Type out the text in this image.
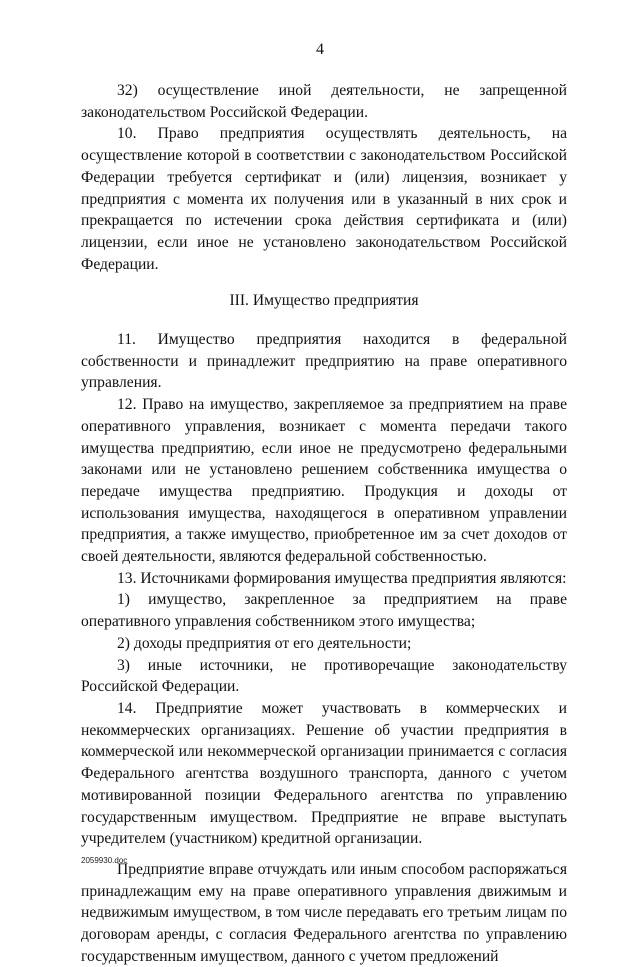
4

32) осуществление иной деятельности, не запрещенной законодательством Российской Федерации.

10. Право предприятия осуществлять деятельность, на осуществление которой в соответствии с законодательством Российской Федерации требуется сертификат и (или) лицензия, возникает у предприятия с момента их получения или в указанный в них срок и прекращается по истечении срока действия сертификата и (или) лицензии, если иное не установлено законодательством Российской Федерации.

III. Имущество предприятия

11. Имущество предприятия находится в федеральной собственности и принадлежит предприятию на праве оперативного управления.

12. Право на имущество, закрепляемое за предприятием на праве оперативного управления, возникает с момента передачи такого имущества предприятию, если иное не предусмотрено федеральными законами или не установлено решением собственника имущества о передаче имущества предприятию. Продукция и доходы от использования имущества, находящегося в оперативном управлении предприятия, а также имущество, приобретенное им за счет доходов от своей деятельности, являются федеральной собственностью.

13. Источниками формирования имущества предприятия являются:

1) имущество, закрепленное за предприятием на праве оперативного управления собственником этого имущества;

2) доходы предприятия от его деятельности;

3) иные источники, не противоречащие законодательству Российской Федерации.

14. Предприятие может участвовать в коммерческих и некоммерческих организациях. Решение об участии предприятия в коммерческой или некоммерческой организации принимается с согласия Федерального агентства воздушного транспорта, данного с учетом мотивированной позиции Федерального агентства по управлению государственным имуществом. Предприятие не вправе выступать учредителем (участником) кредитной организации.

Предприятие вправе отчуждать или иным способом распоряжаться принадлежащим ему на праве оперативного управления движимым и недвижимым имуществом, в том числе передавать его третьим лицам по договорам аренды, с согласия Федерального агентства по управлению государственным имуществом, данного с учетом предложений

2059930.doc
